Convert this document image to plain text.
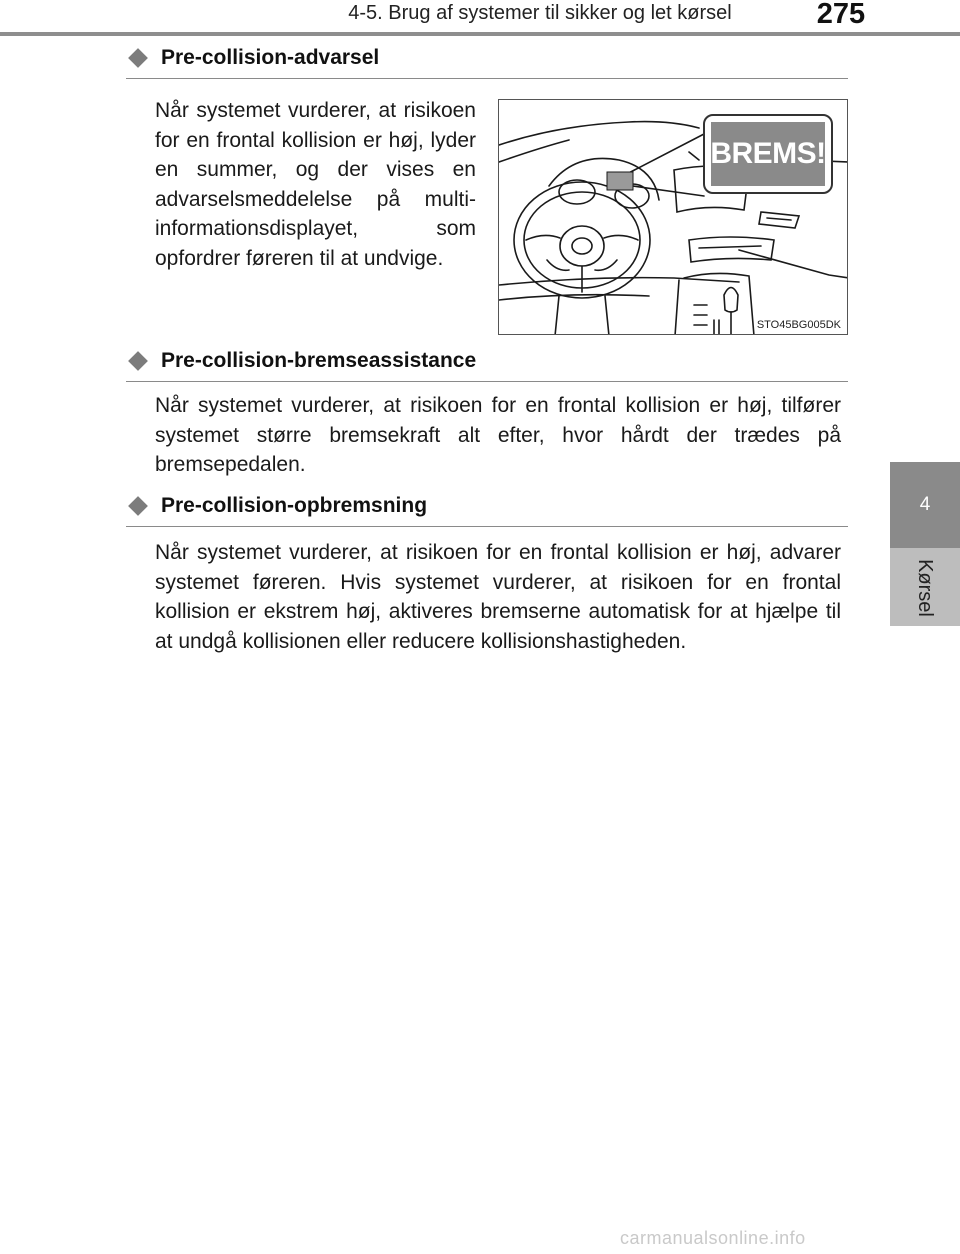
4-5. Brug af systemer til sikker og let kørsel	275
4
Kørsel
Pre-collision-advarsel
Når systemet vurderer, at risikoen for en frontal kollision er høj, lyder en summer, og der vises en advarselsmeddelelse på multi-informationsdisplayet, som opfordrer føreren til at undvige.
STO45BG005DK
BREMS!
Pre-collision-bremseassistance
Når systemet vurderer, at risikoen for en frontal kollision er høj, tilfører systemet større bremsekraft alt efter, hvor hårdt der trædes på bremsepedalen.
Pre-collision-opbremsning
Når systemet vurderer, at risikoen for en frontal kollision er høj, advarer systemet føreren. Hvis systemet vurderer, at risikoen for en frontal kollision er ekstrem høj, aktiveres bremserne automatisk for at hjælpe til at undgå kollisionen eller reducere kollisionshastigheden.
carmanualsonline.info
